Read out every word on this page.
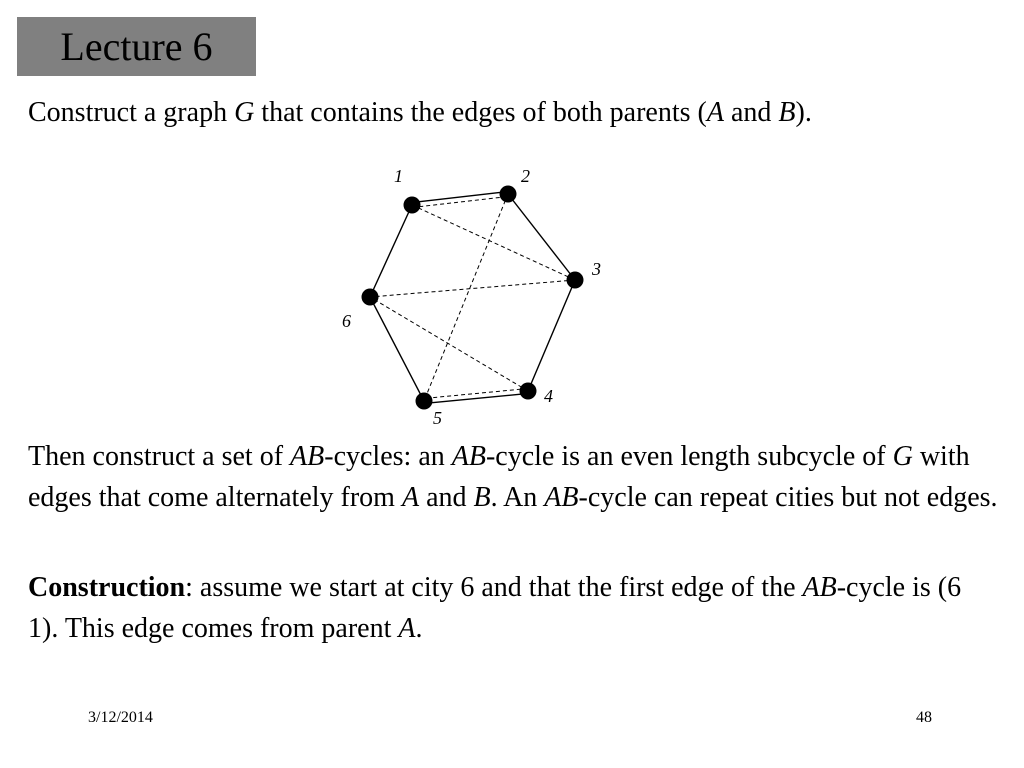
Lecture 6

Construct a graph G that contains the edges of both parents (A and B).

1	2
3
4
5
6

Then construct a set of AB-cycles: an AB-cycle is an even length subcycle of G with edges that come alternately from A and B. An AB-cycle can repeat cities but not edges.

Construction: assume we start at city 6 and that the first edge of the AB-cycle is (6 1). This edge comes from parent A.

3/12/2014	48
